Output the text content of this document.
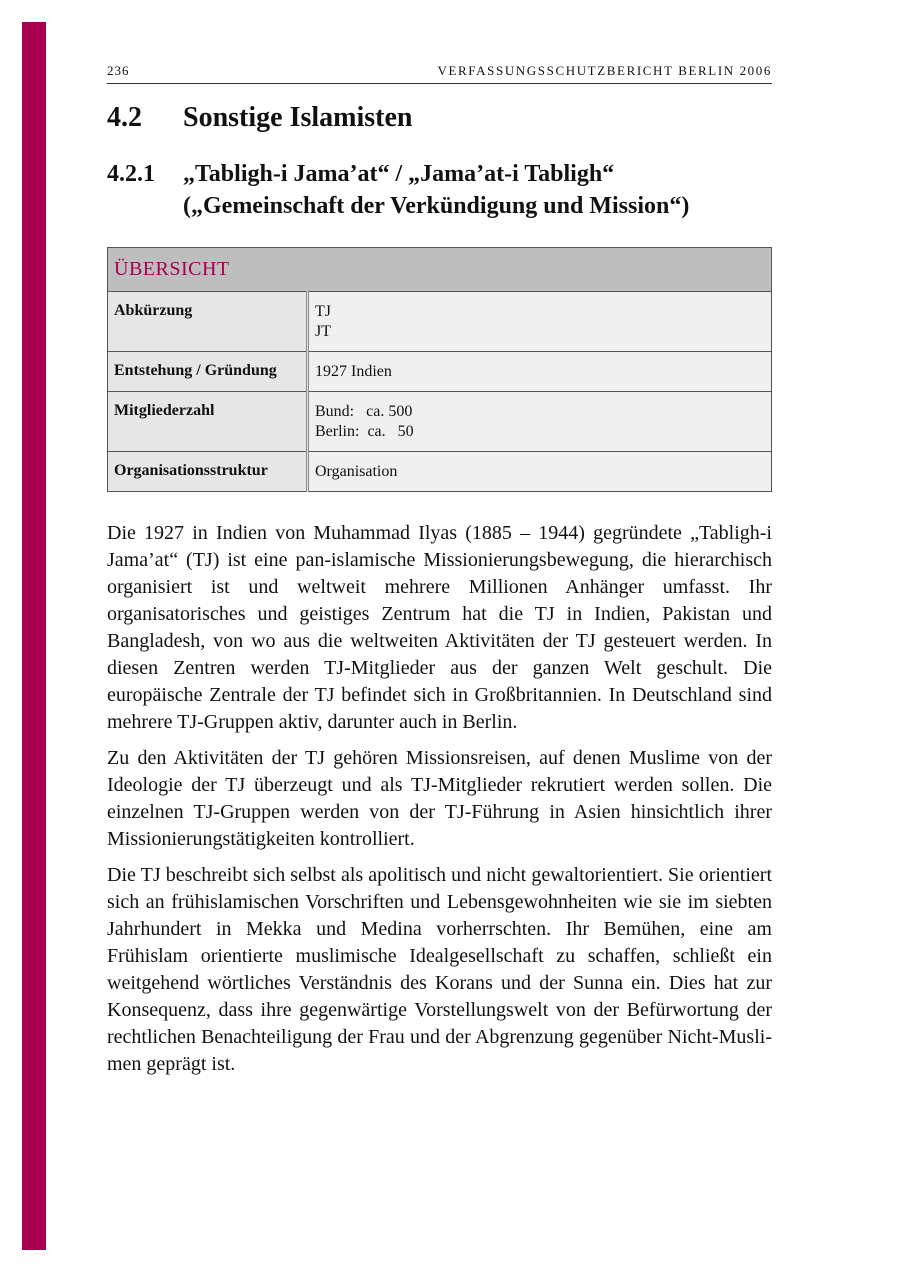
236	VERFASSUNGSSCHUTZBERICHT BERLIN 2006
4.2 Sonstige Islamisten
4.2.1 „Tabligh-i Jama’at“ / „Jama’at-i Tabligh“
(„Gemeinschaft der Verkündigung und Mission“)
ÜBERSICHT	
Abkürzung	TJ
JT

Entstehung / Gründung	1927 Indien

Mitgliederzahl	Bund:   ca. 500
Berlin:  ca.   50

Organisationsstruktur	Organisation

Die 1927 in Indien von Muhammad Ilyas (1885 – 1944) gegründete „Tabligh-i Jama’at“ (TJ) ist eine pan-islamische Missionierungsbewegung, die hierarchisch organisiert ist und weltweit mehrere Millionen Anhänger umfasst. Ihr organisatorisches und geistiges Zentrum hat die TJ in Indien, Pakistan und Bangladesh, von wo aus die weltweiten Aktivitäten der TJ gesteuert werden. In diesen Zentren werden TJ-Mitglieder aus der ganzen Welt geschult. Die europäische Zentrale der TJ befindet sich in Großbritannien. In Deutschland sind mehrere TJ-Gruppen aktiv, darunter auch in Berlin.

Zu den Aktivitäten der TJ gehören Missionsreisen, auf denen Muslime von der Ideologie der TJ überzeugt und als TJ-Mitglieder rekrutiert werden sollen. Die einzelnen TJ-Gruppen werden von der TJ-Führung in Asien hinsichtlich ihrer Missionierungstätigkeiten kontrolliert.

Die TJ beschreibt sich selbst als apolitisch und nicht gewaltorientiert. Sie orientiert sich an frühislamischen Vorschriften und Lebensgewohnheiten wie sie im siebten Jahrhundert in Mekka und Medina vorherrschten. Ihr Bemühen, eine am Frühislam orientierte muslimische Idealgesellschaft zu schaffen, schließt ein weitgehend wörtliches Verständnis des Korans und der Sunna ein. Dies hat zur Konsequenz, dass ihre gegenwärtige Vorstellungswelt von der Befürwortung der rechtlichen Benachteiligung der Frau und der Abgrenzung gegenüber Nicht-Muslimen geprägt ist.
